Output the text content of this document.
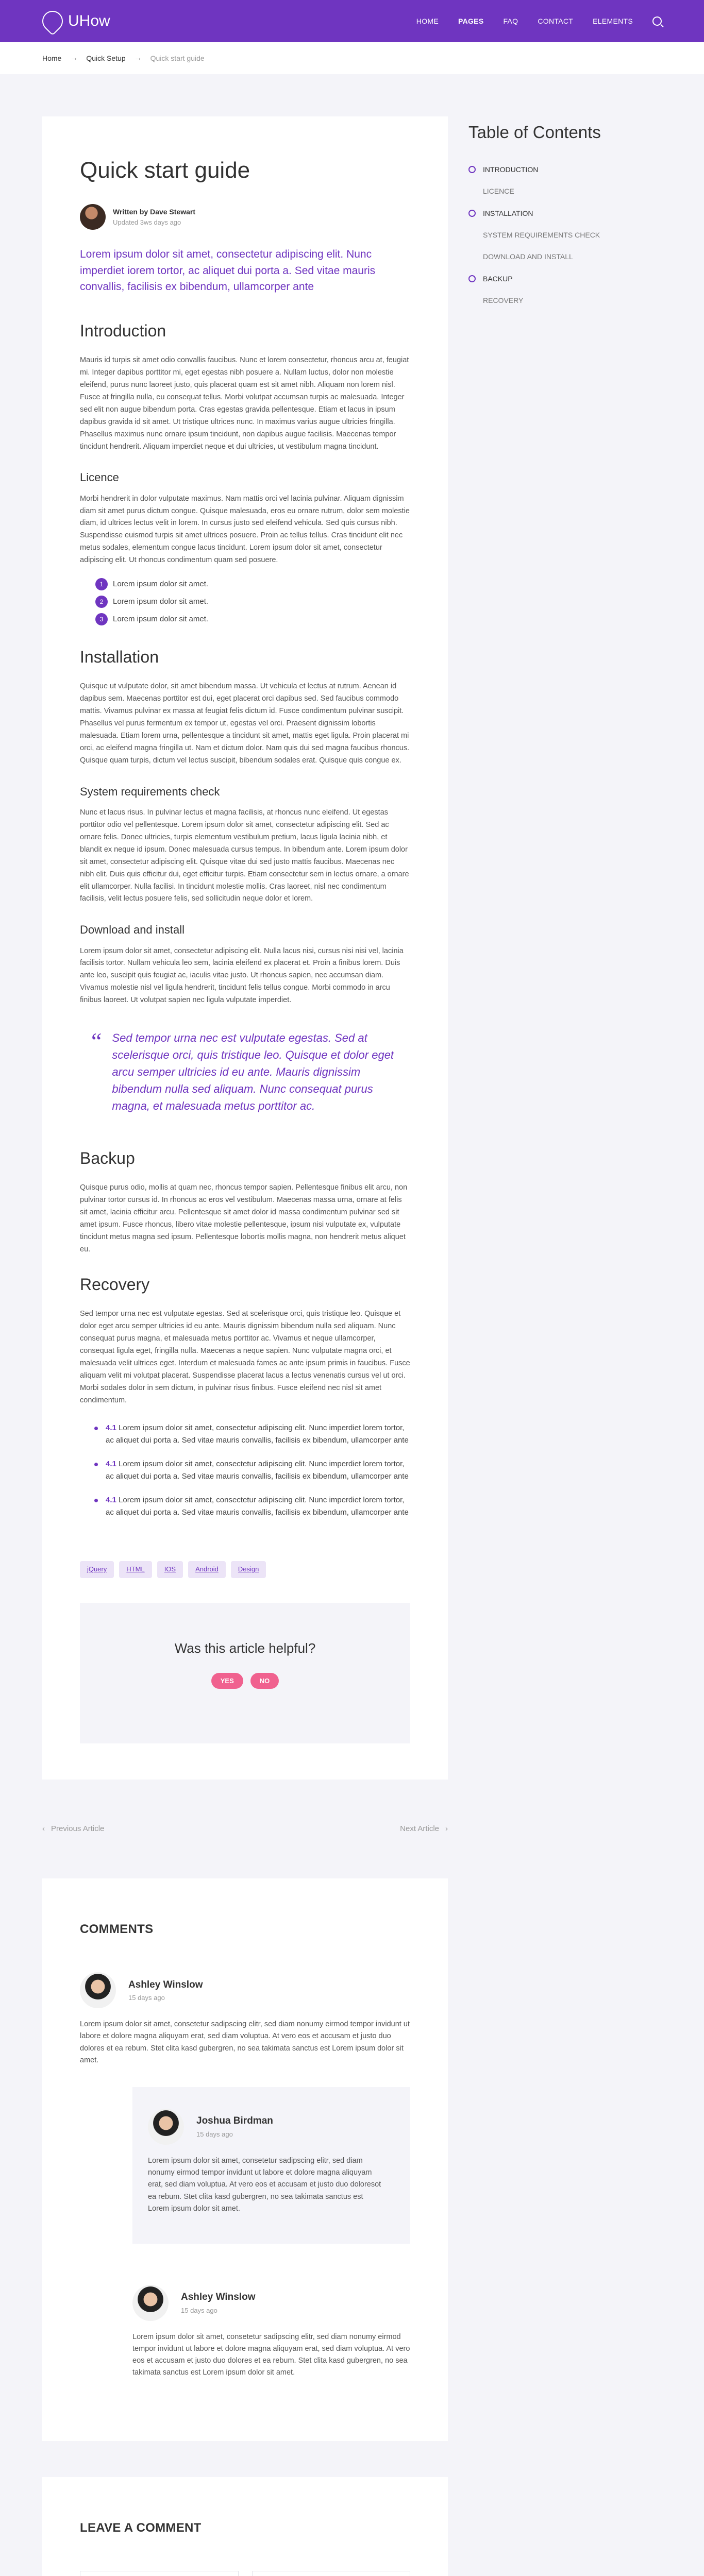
UHow	HOME	PAGES	FAQ	CONTACT	ELEMENTS
Home → Quick Setup → Quick start guide
Quick start guide
Written by Dave Stewart
Updated 3ws days ago

Lorem ipsum dolor sit amet, consectetur adipiscing elit. Nunc imperdiet iorem tortor, ac aliquet dui porta a. Sed vitae mauris convallis, facilisis ex bibendum, ullamcorper ante

Introduction

Mauris id turpis sit amet odio convallis faucibus. Nunc et lorem consectetur, rhoncus arcu at, feugiat mi. Integer dapibus porttitor mi, eget egestas nibh posuere a. Nullam luctus, dolor non molestie eleifend, purus nunc laoreet justo, quis placerat quam est sit amet nibh. Aliquam non lorem nisl. Fusce at fringilla nulla, eu consequat tellus. Morbi volutpat accumsan turpis ac malesuada. Integer sed elit non augue bibendum porta. Cras egestas gravida pellentesque. Etiam et lacus in ipsum dapibus gravida id sit amet. Ut tristique ultrices nunc. In maximus varius augue ultricies fringilla. Phasellus maximus nunc ornare ipsum tincidunt, non dapibus augue facilisis. Maecenas tempor tincidunt hendrerit. Aliquam imperdiet neque et dui ultricies, ut vestibulum magna tincidunt.

Licence

Morbi hendrerit in dolor vulputate maximus. Nam mattis orci vel lacinia pulvinar. Aliquam dignissim diam sit amet purus dictum congue. Quisque malesuada, eros eu ornare rutrum, dolor sem molestie diam, id ultrices lectus velit in lorem. In cursus justo sed eleifend vehicula. Sed quis cursus nibh. Suspendisse euismod turpis sit amet ultrices posuere. Proin ac tellus tellus. Cras tincidunt elit nec metus sodales, elementum congue lacus tincidunt. Lorem ipsum dolor sit amet, consectetur adipiscing elit. Ut rhoncus condimentum quam sed posuere.

1	Lorem ipsum dolor sit amet.
2	Lorem ipsum dolor sit amet.
3	Lorem ipsum dolor sit amet.
Installation

Quisque ut vulputate dolor, sit amet bibendum massa. Ut vehicula et lectus at rutrum. Aenean id dapibus sem. Maecenas porttitor est dui, eget placerat orci dapibus sed. Sed faucibus commodo mattis. Vivamus pulvinar ex massa at feugiat felis dictum id. Fusce condimentum pulvinar suscipit. Phasellus vel purus fermentum ex tempor ut, egestas vel orci. Praesent dignissim lobortis malesuada. Etiam lorem urna, pellentesque a tincidunt sit amet, mattis eget ligula. Proin placerat mi orci, ac eleifend magna fringilla ut. Nam et dictum dolor. Nam quis dui sed magna faucibus rhoncus. Quisque quam turpis, dictum vel lectus suscipit, bibendum sodales erat. Quisque quis congue ex.

System requirements check

Nunc et lacus risus. In pulvinar lectus et magna facilisis, at rhoncus nunc eleifend. Ut egestas porttitor odio vel pellentesque. Lorem ipsum dolor sit amet, consectetur adipiscing elit. Sed ac ornare felis. Donec ultricies, turpis elementum vestibulum pretium, lacus ligula lacinia nibh, et blandit ex neque id ipsum. Donec malesuada cursus tempus. In bibendum ante. Lorem ipsum dolor sit amet, consectetur adipiscing elit. Quisque vitae dui sed justo mattis faucibus. Maecenas nec nibh elit. Duis quis efficitur dui, eget efficitur turpis. Etiam consectetur sem in lectus ornare, a ornare elit ullamcorper. Nulla facilisi. In tincidunt molestie mollis. Cras laoreet, nisl nec condimentum facilisis, velit lectus posuere felis, sed sollicitudin neque dolor et lorem.

Download and install

Lorem ipsum dolor sit amet, consectetur adipiscing elit. Nulla lacus nisi, cursus nisi nisi vel, lacinia facilisis tortor. Nullam vehicula leo sem, lacinia eleifend ex placerat et. Proin a finibus lorem. Duis ante leo, suscipit quis feugiat ac, iaculis vitae justo. Ut rhoncus sapien, nec accumsan diam. Vivamus molestie nisl vel ligula hendrerit, tincidunt felis tellus congue. Morbi commodo in arcu finibus laoreet. Ut volutpat sapien nec ligula vulputate imperdiet.

“ Sed tempor urna nec est vulputate egestas. Sed at scelerisque orci, quis tristique leo. Quisque et dolor eget arcu semper ultricies id eu ante. Mauris dignissim bibendum nulla sed aliquam. Nunc consequat purus magna, et malesuada metus porttitor ac.
Backup

Quisque purus odio, mollis at quam nec, rhoncus tempor sapien. Pellentesque finibus elit arcu, non pulvinar tortor cursus id. In rhoncus ac eros vel vestibulum. Maecenas massa urna, ornare at felis sit amet, lacinia efficitur arcu. Pellentesque sit amet dolor id massa condimentum pulvinar sed sit amet ipsum. Fusce rhoncus, libero vitae molestie pellentesque, ipsum nisi vulputate ex, vulputate tincidunt metus magna sed ipsum. Pellentesque lobortis mollis magna, non hendrerit metus aliquet eu.

Recovery

Sed tempor urna nec est vulputate egestas. Sed at scelerisque orci, quis tristique leo. Quisque et dolor eget arcu semper ultricies id eu ante. Mauris dignissim bibendum nulla sed aliquam. Nunc consequat purus magna, et malesuada metus porttitor ac. Vivamus et neque ullamcorper, consequat ligula eget, fringilla nulla. Maecenas a neque sapien. Nunc vulputate magna orci, et malesuada velit ultrices eget. Interdum et malesuada fames ac ante ipsum primis in faucibus. Fusce aliquam velit mi volutpat placerat. Suspendisse placerat lacus a lectus venenatis cursus vel ut orci. Morbi sodales dolor in sem dictum, in pulvinar risus finibus. Fusce eleifend nec nisl sit amet condimentum.

4.1 Lorem ipsum dolor sit amet, consectetur adipiscing elit. Nunc imperdiet lorem tortor, ac aliquet dui porta a. Sed vitae mauris convallis, facilisis ex bibendum, ullamcorper ante
4.1 Lorem ipsum dolor sit amet, consectetur adipiscing elit. Nunc imperdiet lorem tortor, ac aliquet dui porta a. Sed vitae mauris convallis, facilisis ex bibendum, ullamcorper ante
4.1 Lorem ipsum dolor sit amet, consectetur adipiscing elit. Nunc imperdiet lorem tortor, ac aliquet dui porta a. Sed vitae mauris convallis, facilisis ex bibendum, ullamcorper ante
jQuery	HTML	IOS	Android	Design
Was this article helpful?
YES	NO
‹ Previous Article	Next Article ›
COMMENTS
Ashley Winslow
15 days ago

Lorem ipsum dolor sit amet, consetetur sadipscing elitr, sed diam nonumy eirmod tempor invidunt ut labore et dolore magna aliquyam erat, sed diam voluptua. At vero eos et accusam et justo duo dolores et ea rebum. Stet clita kasd gubergren, no sea takimata sanctus est Lorem ipsum dolor sit amet.

Joshua Birdman
15 days ago

Lorem ipsum dolor sit amet, consetetur sadipscing elitr, sed diam nonumy eirmod tempor invidunt ut labore et dolore magna aliquyam erat, sed diam voluptua. At vero eos et accusam et justo duo doloresot ea rebum. Stet clita kasd gubergren, no sea takimata sanctus est Lorem ipsum dolor sit amet.

Ashley Winslow
15 days ago

Lorem ipsum dolor sit amet, consetetur sadipscing elitr, sed diam nonumy eirmod tempor invidunt ut labore et dolore magna aliquyam erat, sed diam voluptua. At vero eos et accusam et justo duo dolores et ea rebum. Stet clita kasd gubergren, no sea takimata sanctus est Lorem ipsum dolor sit amet.

LEAVE A COMMENT
Name
Email

Table of Contents
INTRODUCTION
LICENCE
INSTALLATION
SYSTEM REQUIREMENTS CHECK
DOWNLOAD AND INSTALL
BACKUP
RECOVERY
